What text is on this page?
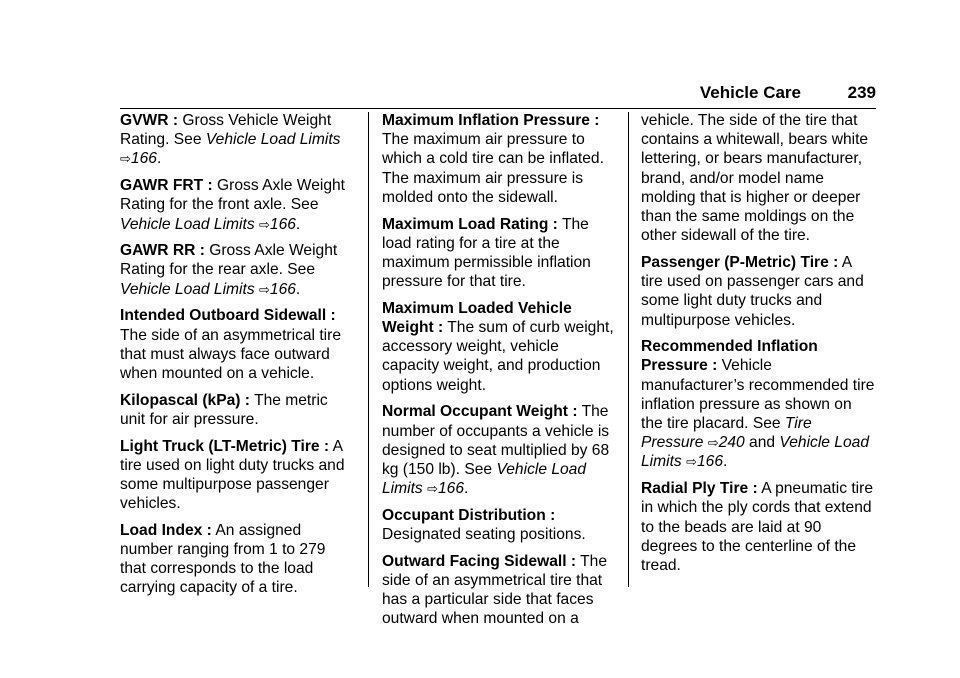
Vehicle Care	239

GVWR : Gross Vehicle Weight Rating. See Vehicle Load Limits ⇨166.

GAWR FRT : Gross Axle Weight Rating for the front axle. See Vehicle Load Limits ⇨166.

GAWR RR : Gross Axle Weight Rating for the rear axle. See Vehicle Load Limits ⇨166.

Intended Outboard Sidewall : The side of an asymmetrical tire that must always face outward when mounted on a vehicle.

Kilopascal (kPa) : The metric unit for air pressure.

Light Truck (LT-Metric) Tire : A tire used on light duty trucks and some multipurpose passenger vehicles.

Load Index : An assigned number ranging from 1 to 279 that corresponds to the load carrying capacity of a tire.

Maximum Inflation Pressure : The maximum air pressure to which a cold tire can be inflated. The maximum air pressure is molded onto the sidewall.

Maximum Load Rating : The load rating for a tire at the maximum permissible inflation pressure for that tire.

Maximum Loaded Vehicle Weight : The sum of curb weight, accessory weight, vehicle capacity weight, and production options weight.

Normal Occupant Weight : The number of occupants a vehicle is designed to seat multiplied by 68 kg (150 lb). See Vehicle Load Limits ⇨166.

Occupant Distribution : Designated seating positions.

Outward Facing Sidewall : The side of an asymmetrical tire that has a particular side that faces outward when mounted on a

vehicle. The side of the tire that contains a whitewall, bears white lettering, or bears manufacturer, brand, and/or model name molding that is higher or deeper than the same moldings on the other sidewall of the tire.

Passenger (P-Metric) Tire : A tire used on passenger cars and some light duty trucks and multipurpose vehicles.

Recommended Inflation Pressure : Vehicle manufacturer’s recommended tire inflation pressure as shown on the tire placard. See Tire Pressure ⇨240 and Vehicle Load Limits ⇨166.

Radial Ply Tire : A pneumatic tire in which the ply cords that extend to the beads are laid at 90 degrees to the centerline of the tread.
